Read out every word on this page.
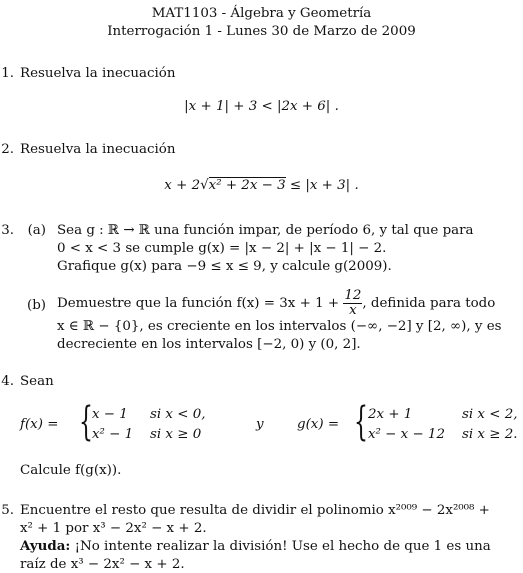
MAT1103 - Álgebra y Geometría
Interrogación 1 - Lunes 30 de Marzo de 2009
1. Resuelva la inecuación
|x + 1| + 3 < |2x + 6| .
2. Resuelva la inecuación
x + 2√x² + 2x − 3 ≤ |x + 3| .
3.	(a) Sea g : ℝ → ℝ una función impar, de período 6, y tal que para
0 < x < 3 se cumple g(x) = |x − 2| + |x − 1| − 2.
Grafique g(x) para −9 ≤ x ≤ 9, y calcule g(2009).
(b) Demuestre que la función $f(x) = 3x + 1 + \frac{12}{x}$ , definida para todo
x ∈ ℝ − {0}, es creciente en los intervalos (−∞, −2] y [2, ∞), y es
decreciente en los intervalos [−2, 0) y (0, 2].
4. Sean
f(x) = { x − 1 si x < 0,
x² − 1 si x ≥ 0
y g(x) = { 2x + 1	si x < 2,
x² − x − 12 si x ≥ 2.
Calcule f(g(x)).
5. Encuentre el resto que resulta de dividir el polinomio x²⁰⁰⁹ − 2x²⁰⁰⁸ +
x² + 1 por x³ − 2x² − x + 2.
Ayuda: ¡No intente realizar la división! Use el hecho de que 1 es una
raíz de x³ − 2x² − x + 2.
